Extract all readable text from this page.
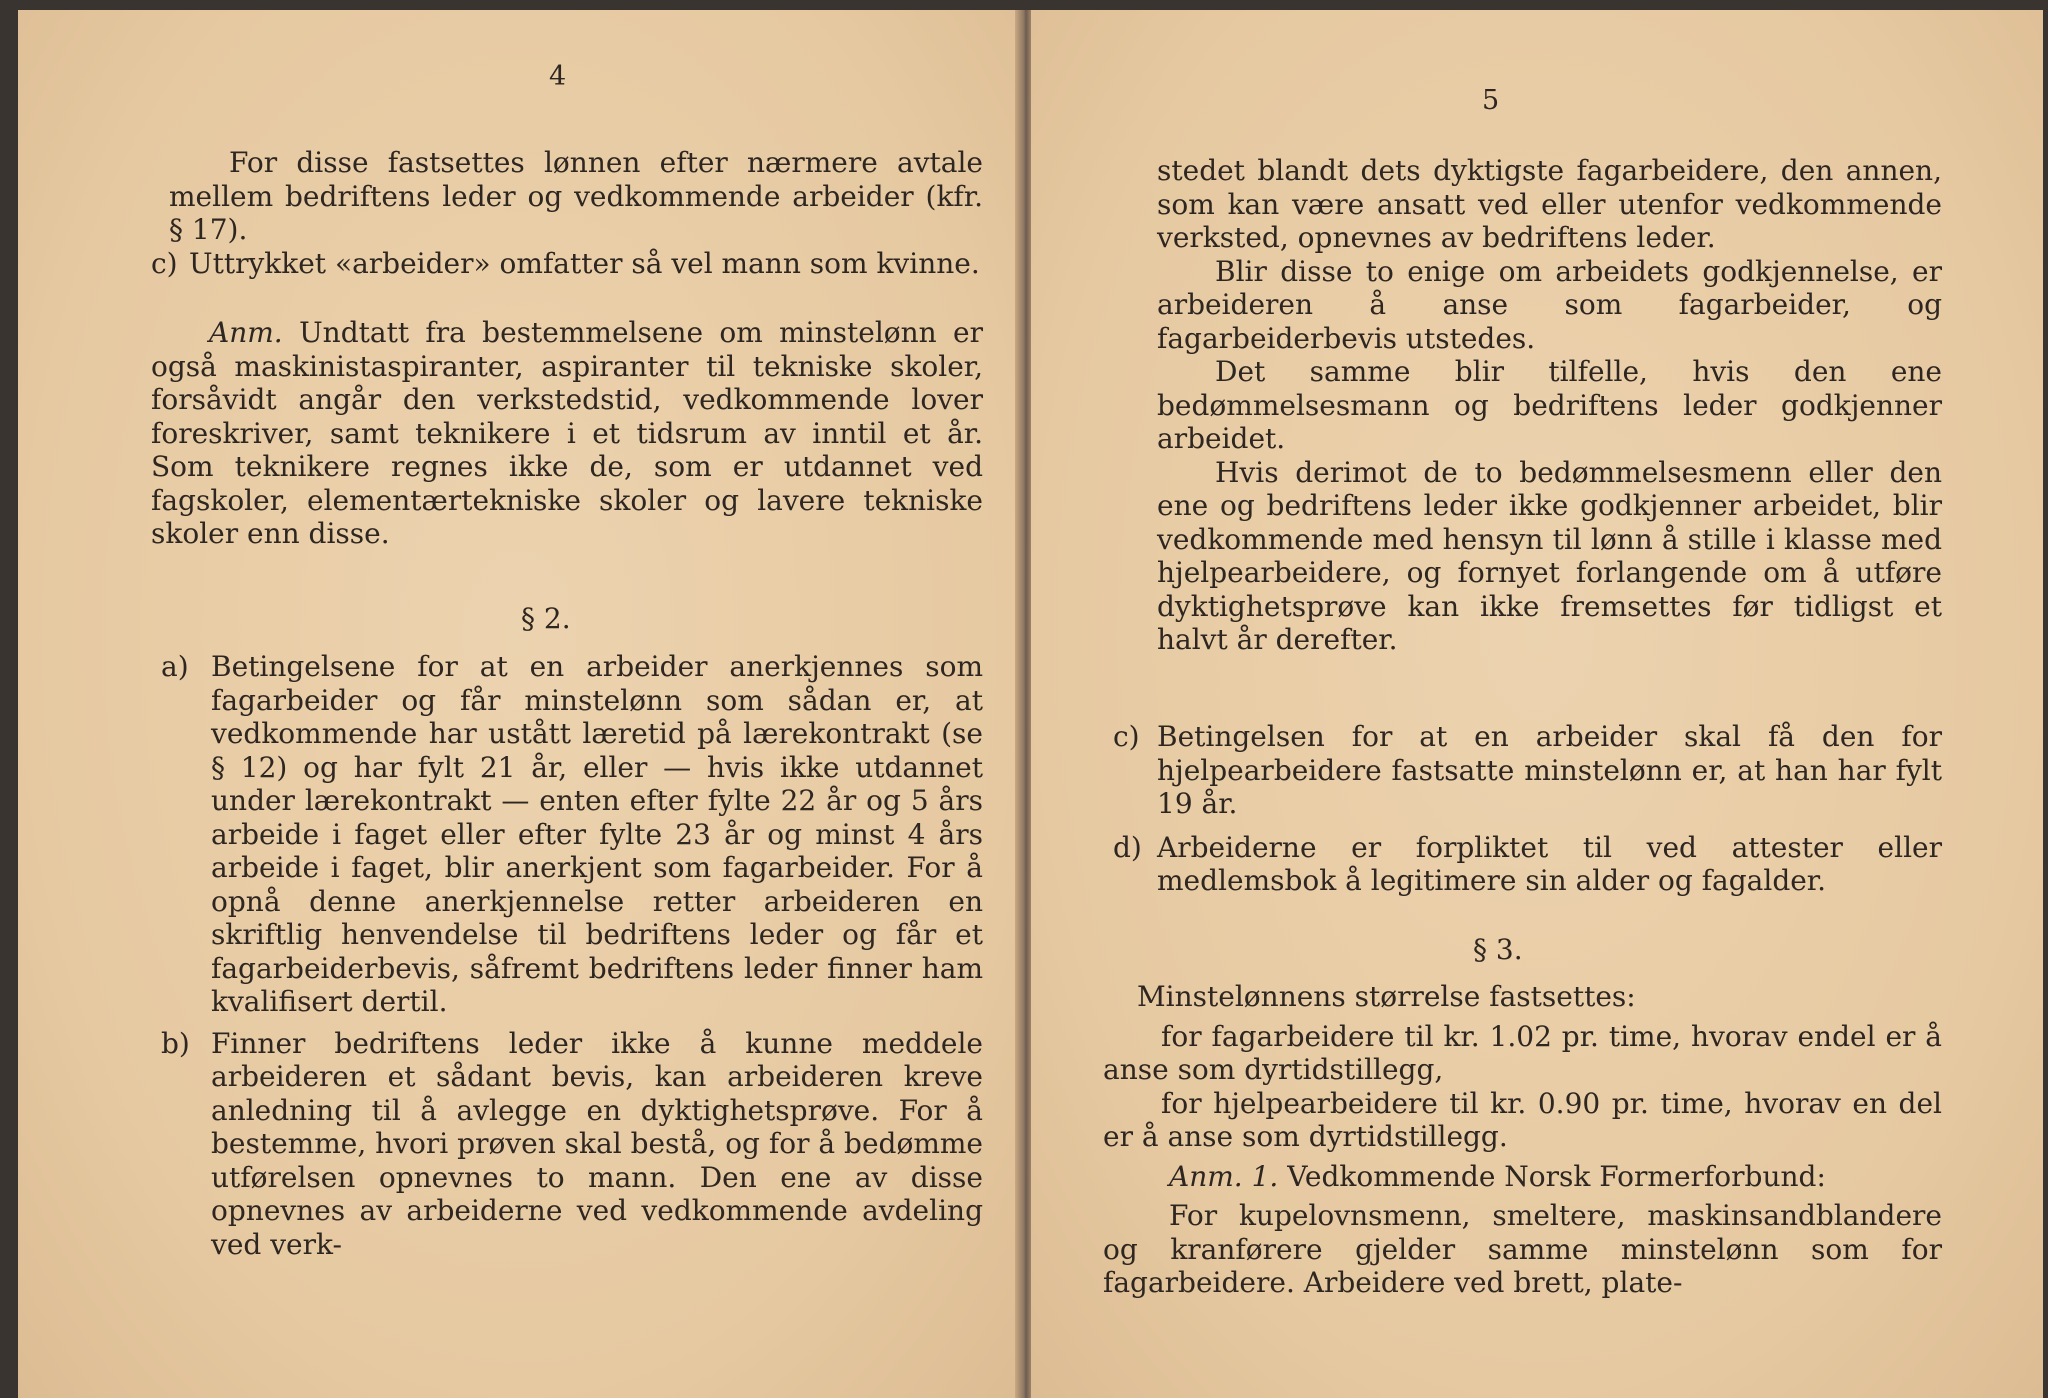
4

For disse fastsettes lønnen efter nærmere avtale mellem bedriftens leder og vedkommende arbeider (kfr. § 17).

c) Uttrykket «arbeider» omfatter så vel mann som kvinne.
Anm. Undtatt fra bestemmelsene om minstelønn er også maskinistaspiranter, aspiranter til tekniske skoler, forsåvidt angår den verkstedstid, vedkommende lover foreskriver, samt teknikere i et tidsrum av inntil et år. Som teknikere regnes ikke de, som er utdannet ved fagskoler, elementærtekniske skoler og lavere tekniske skoler enn disse.
§ 2.
a) Betingelsene for at en arbeider anerkjennes som fagarbeider og får minstelønn som sådan er, at vedkommende har ustått læretid på lærekontrakt (se § 12) og har fylt 21 år, eller — hvis ikke utdannet under lærekontrakt — enten efter fylte 22 år og 5 års arbeide i faget eller efter fylte 23 år og minst 4 års arbeide i faget, blir anerkjent som fagarbeider. For å opnå denne anerkjennelse retter arbeideren en skriftlig henvendelse til bedriftens leder og får et fagarbeiderbevis, såfremt bedriftens leder finner ham kvalifisert dertil.
b) Finner bedriftens leder ikke å kunne meddele arbeideren et sådant bevis, kan arbeideren kreve anledning til å avlegge en dyktighetsprøve. For å bestemme, hvori prøven skal bestå, og for å bedømme utførelsen opnevnes to mann. Den ene av disse opnevnes av arbeiderne ved vedkommende avdeling ved verk-
5

stedet blandt dets dyktigste fagarbeidere, den annen, som kan være ansatt ved eller utenfor vedkommende verksted, opnevnes av bedriftens leder.

Blir disse to enige om arbeidets godkjennelse, er arbeideren å anse som fagarbeider, og fagarbeiderbevis utstedes.

Det samme blir tilfelle, hvis den ene bedømmelsesmann og bedriftens leder godkjenner arbeidet.

Hvis derimot de to bedømmelsesmenn eller den ene og bedriftens leder ikke godkjenner arbeidet, blir vedkommende med hensyn til lønn å stille i klasse med hjelpearbeidere, og fornyet forlangende om å utføre dyktighetsprøve kan ikke fremsettes før tidligst et halvt år derefter.

c) Betingelsen for at en arbeider skal få den for hjelpearbeidere fastsatte minstelønn er, at han har fylt 19 år.
d) Arbeiderne er forpliktet til ved attester eller medlemsbok å legitimere sin alder og fagalder.
§ 3.

Minstelønnens størrelse fastsettes:

for fagarbeidere til kr. 1.02 pr. time, hvorav endel er å anse som dyrtidstillegg,

for hjelpearbeidere til kr. 0.90 pr. time, hvorav en del er å anse som dyrtidstillegg.

Anm. 1. Vedkommende Norsk Formerforbund:

For kupelovnsmenn, smeltere, maskinsandblandere og kranførere gjelder samme minstelønn som for fagarbeidere. Arbeidere ved brett, plate-
